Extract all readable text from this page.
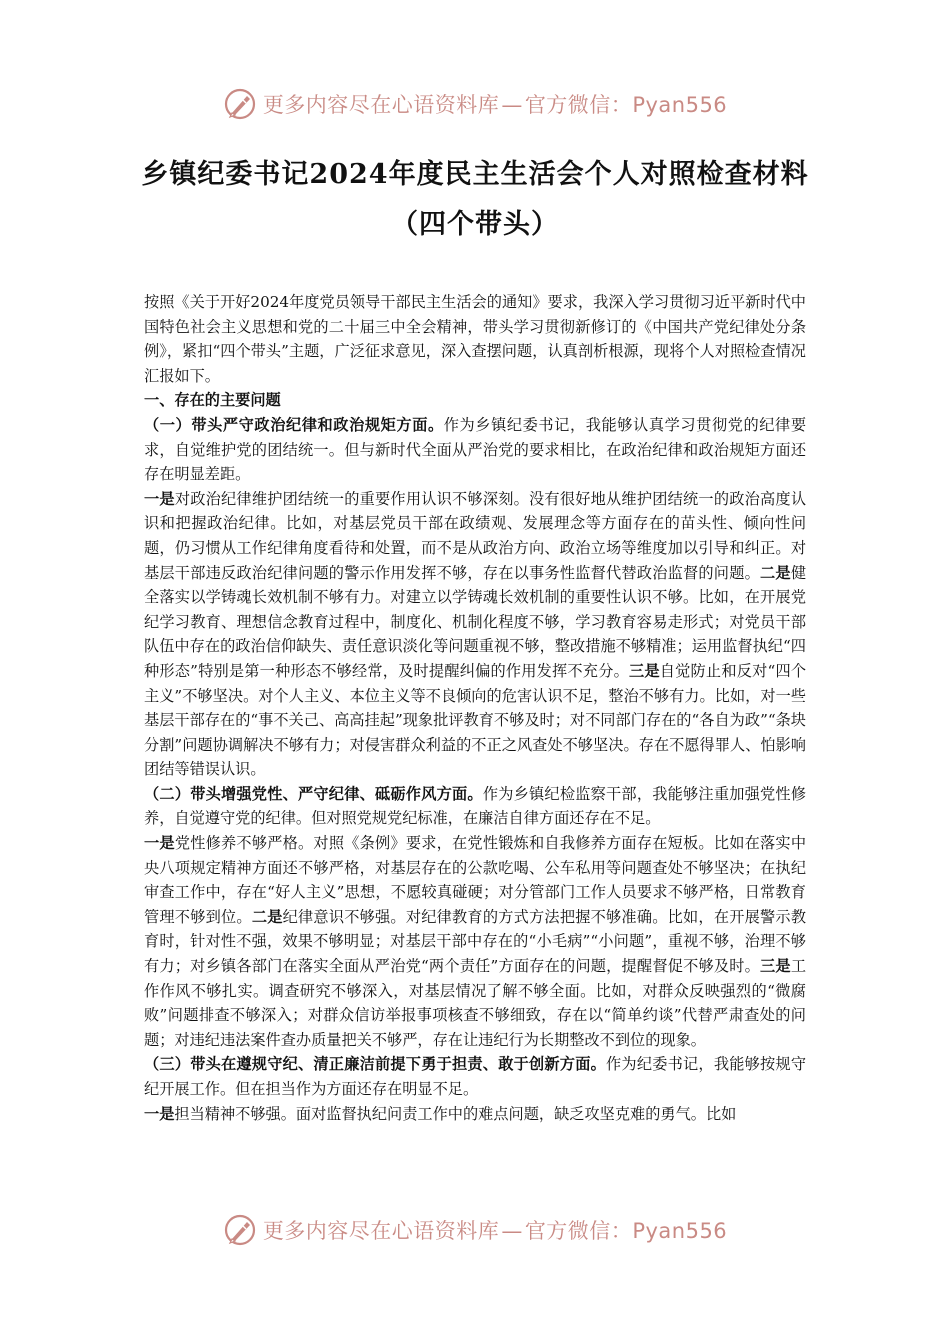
更多内容尽在心语资料库—官方微信：Pyan556
乡镇纪委书记2024年度民主生活会个人对照检查材料（四个带头）

按照《关于开好2024年度党员领导干部民主生活会的通知》要求，我深入学习贯彻习近平新时代中国特色社会主义思想和党的二十届三中全会精神，带头学习贯彻新修订的《中国共产党纪律处分条例》，紧扣“四个带头”主题，广泛征求意见，深入查摆问题，认真剖析根源，现将个人对照检查情况汇报如下。

一、存在的主要问题

（一）带头严守政治纪律和政治规矩方面。作为乡镇纪委书记，我能够认真学习贯彻党的纪律要求，自觉维护党的团结统一。但与新时代全面从严治党的要求相比，在政治纪律和政治规矩方面还存在明显差距。

一是对政治纪律维护团结统一的重要作用认识不够深刻。没有很好地从维护团结统一的政治高度认识和把握政治纪律。比如，对基层党员干部在政绩观、发展理念等方面存在的苗头性、倾向性问题，仍习惯从工作纪律角度看待和处置，而不是从政治方向、政治立场等维度加以引导和纠正。对基层干部违反政治纪律问题的警示作用发挥不够，存在以事务性监督代替政治监督的问题。二是健全落实以学铸魂长效机制不够有力。对建立以学铸魂长效机制的重要性认识不够。比如，在开展党纪学习教育、理想信念教育过程中，制度化、机制化程度不够，学习教育容易走形式；对党员干部队伍中存在的政治信仰缺失、责任意识淡化等问题重视不够，整改措施不够精准；运用监督执纪“四种形态”特别是第一种形态不够经常，及时提醒纠偏的作用发挥不充分。三是自觉防止和反对“四个主义”不够坚决。对个人主义、本位主义等不良倾向的危害认识不足，整治不够有力。比如，对一些基层干部存在的“事不关己、高高挂起”现象批评教育不够及时；对不同部门存在的“各自为政”“条块分割”问题协调解决不够有力；对侵害群众利益的不正之风查处不够坚决。存在不愿得罪人、怕影响团结等错误认识。

（二）带头增强党性、严守纪律、砥砺作风方面。作为乡镇纪检监察干部，我能够注重加强党性修养，自觉遵守党的纪律。但对照党规党纪标准，在廉洁自律方面还存在不足。

一是党性修养不够严格。对照《条例》要求，在党性锻炼和自我修养方面存在短板。比如在落实中央八项规定精神方面还不够严格，对基层存在的公款吃喝、公车私用等问题查处不够坚决；在执纪审查工作中，存在“好人主义”思想，不愿较真碰硬；对分管部门工作人员要求不够严格，日常教育管理不够到位。二是纪律意识不够强。对纪律教育的方式方法把握不够准确。比如，在开展警示教育时，针对性不强，效果不够明显；对基层干部中存在的“小毛病”“小问题”，重视不够，治理不够有力；对乡镇各部门在落实全面从严治党“两个责任”方面存在的问题，提醒督促不够及时。三是工作作风不够扎实。调查研究不够深入，对基层情况了解不够全面。比如，对群众反映强烈的“微腐败”问题排查不够深入；对群众信访举报事项核查不够细致，存在以“简单约谈”代替严肃查处的问题；对违纪违法案件查办质量把关不够严，存在让违纪行为长期整改不到位的现象。

（三）带头在遵规守纪、清正廉洁前提下勇于担责、敢于创新方面。作为纪委书记，我能够按规守纪开展工作。但在担当作为方面还存在明显不足。

一是担当精神不够强。面对监督执纪问责工作中的难点问题，缺乏攻坚克难的勇气。比如

更多内容尽在心语资料库—官方微信：Pyan556
